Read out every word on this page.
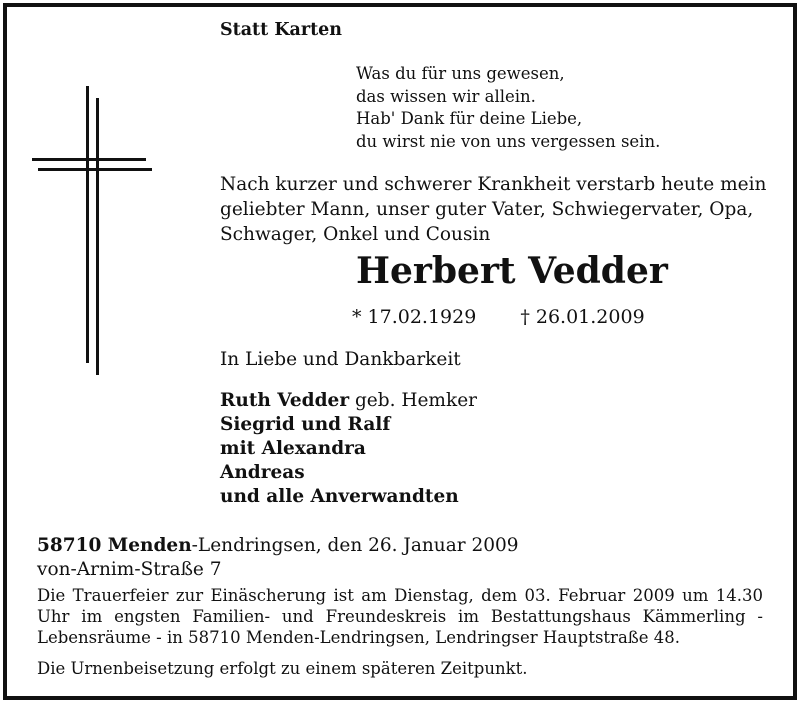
Statt Karten
Was du für uns gewesen,
das wissen wir allein.
Hab' Dank für deine Liebe,
du wirst nie von uns vergessen sein.
Nach kurzer und schwerer Krankheit verstarb heute mein
geliebter Mann, unser guter Vater, Schwiegervater, Opa,
Schwager, Onkel und Cousin
Herbert Vedder
* 17.02.1929 † 26.01.2009
In Liebe und Dankbarkeit
Ruth Vedder geb. Hemker
Siegrid und Ralf
mit Alexandra
Andreas
und alle Anverwandten
58710 Menden-Lendringsen, den 26. Januar 2009
von-Arnim-Straße 7
Die Trauerfeier zur Einäscherung ist am Dienstag, dem 03. Februar 2009 um 14.30 Uhr im engsten Familien- und Freundeskreis im Bestattungshaus Kämmerling - Lebensräume - in 58710 Menden-Lendringsen, Lendringser Hauptstraße 48.
Die Urnenbeisetzung erfolgt zu einem späteren Zeitpunkt.
